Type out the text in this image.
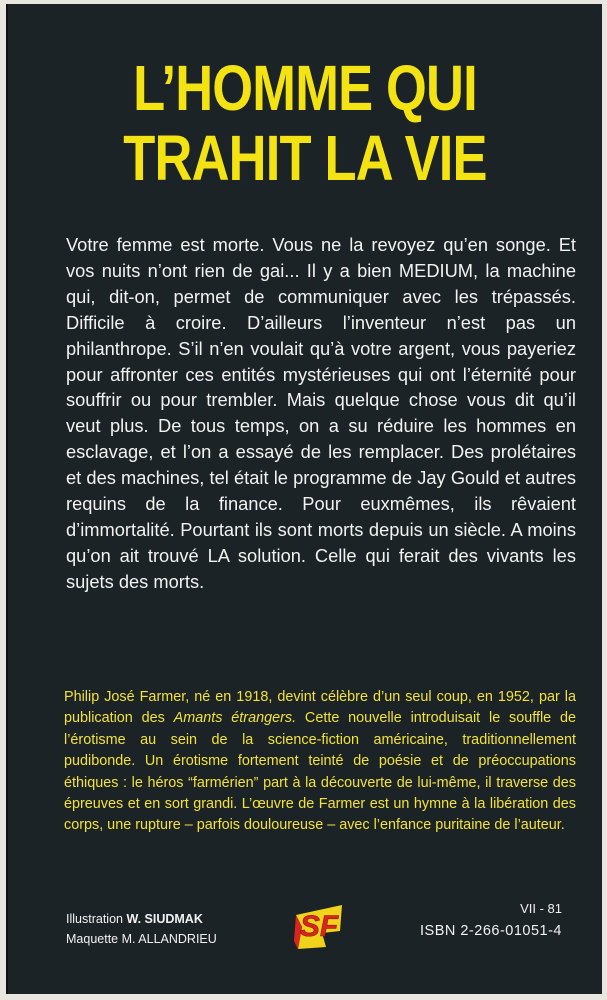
L’HOMME QUI
TRAHIT LA VIE

Votre femme est morte. Vous ne la revoyez qu’en songe. Et vos nuits n’ont rien de gai... Il y a bien MEDIUM, la machine qui, dit-on, permet de communiquer avec les trépassés. Difficile à croire. D’ailleurs l’inventeur n’est pas un philanthrope. S’il n’en voulait qu’à votre argent, vous payeriez pour affronter ces entités mystérieuses qui ont l’éternité pour souffrir ou pour trembler. Mais quelque chose vous dit qu’il veut plus. De tous temps, on a su réduire les hommes en esclavage, et l’on a essayé de les remplacer. Des prolétaires et des machines, tel était le programme de Jay Gould et autres requins de la finance. Pour euxmêmes, ils rêvaient d’immortalité. Pourtant ils sont morts depuis un siècle. A moins qu’on ait trouvé LA solution. Celle qui ferait des vivants les sujets des morts.

Philip José Farmer, né en 1918, devint célèbre d’un seul coup, en 1952, par la publication des Amants étrangers. Cette nouvelle introduisait le souffle de l’érotisme au sein de la science-fiction américaine, traditionnellement pudibonde. Un érotisme fortement teinté de poésie et de préoccupations éthiques : le héros “farmérien” part à la découverte de lui-même, il traverse des épreuves et en sort grandi. L’œuvre de Farmer est un hymne à la libération des corps, une rupture – parfois douloureuse – avec l’enfance puritaine de l’auteur.

Illustration W. SIUDMAK
Maquette M. ALLANDRIEU	SF
VII - 81
ISBN 2-266-01051-4
